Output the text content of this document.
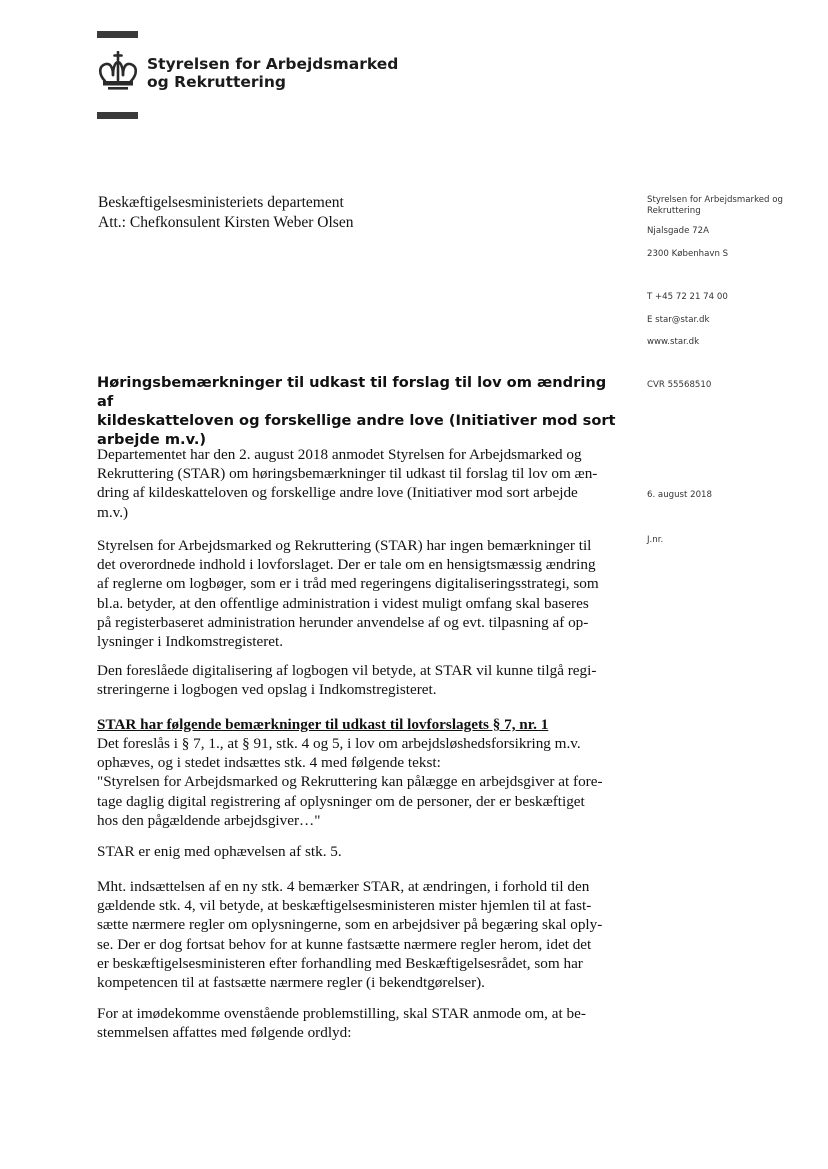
Styrelsen for Arbejdsmarked
og Rekruttering
Beskæftigelsesministeriets departement
Att.: Chefkonsulent Kirsten Weber Olsen
Styrelsen for Arbejdsmarked og
Rekruttering
Njalsgade 72A
2300 København S
T +45 72 21 74 00
E star@star.dk
www.star.dk
CVR 55568510
6. august 2018
J.nr.
Høringsbemærkninger til udkast til forslag til lov om ændring af
kildeskatteloven og forskellige andre love (Initiativer mod sort
arbejde m.v.)
Departementet har den 2. august 2018 anmodet Styrelsen for Arbejdsmarked og
Rekruttering (STAR) om høringsbemærkninger til udkast til forslag til lov om æn-
dring af kildeskatteloven og forskellige andre love (Initiativer mod sort arbejde
m.v.)
Styrelsen for Arbejdsmarked og Rekruttering (STAR) har ingen bemærkninger til
det overordnede indhold i lovforslaget. Der er tale om en hensigtsmæssig ændring
af reglerne om logbøger, som er i tråd med regeringens digitaliseringsstrategi, som
bl.a. betyder, at den offentlige administration i videst muligt omfang skal baseres
på registerbaseret administration herunder anvendelse af og evt. tilpasning af op-
lysninger i Indkomstregisteret.
Den foreslåede digitalisering af logbogen vil betyde, at STAR vil kunne tilgå regi-
streringerne i logbogen ved opslag i Indkomstregisteret.
STAR har følgende bemærkninger til udkast til lovforslagets § 7, nr. 1
Det foreslås i § 7, 1., at § 91, stk. 4 og 5, i lov om arbejdsløshedsforsikring m.v.
ophæves, og i stedet indsættes stk. 4 med følgende tekst:
"Styrelsen for Arbejdsmarked og Rekruttering kan pålægge en arbejdsgiver at fore-
tage daglig digital registrering af oplysninger om de personer, der er beskæftiget
hos den pågældende arbejdsgiver…"
STAR er enig med ophævelsen af stk. 5.
Mht. indsættelsen af en ny stk. 4 bemærker STAR, at ændringen, i forhold til den
gældende stk. 4, vil betyde, at beskæftigelsesministeren mister hjemlen til at fast-
sætte nærmere regler om oplysningerne, som en arbejdsiver på begæring skal oply-
se. Der er dog fortsat behov for at kunne fastsætte nærmere regler herom, idet det
er beskæftigelsesministeren efter forhandling med Beskæftigelsesrådet, som har
kompetencen til at fastsætte nærmere regler (i bekendtgørelser).
For at imødekomme ovenstående problemstilling, skal STAR anmode om, at be-
stemmelsen affattes med følgende ordlyd:
